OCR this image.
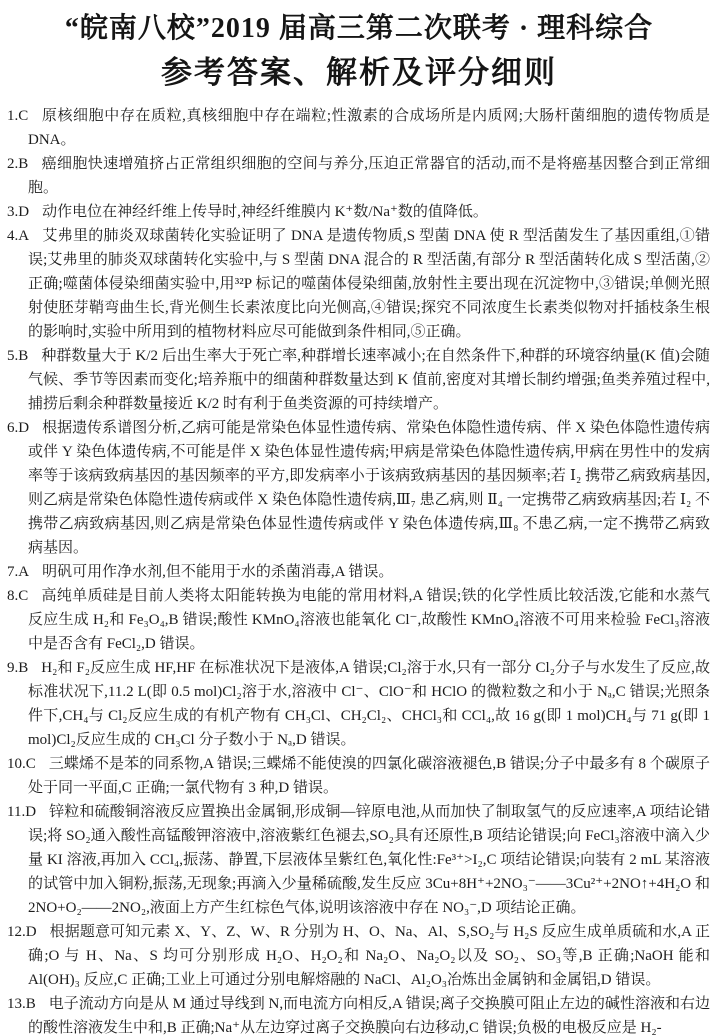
“皖南八校”2019 届高三第二次联考 · 理科综合
参考答案、解析及评分细则
1.C 原核细胞中存在质粒,真核细胞中存在端粒;性激素的合成场所是内质网;大肠杆菌细胞的遗传物质是 DNA。
2.B 癌细胞快速增殖挤占正常组织细胞的空间与养分,压迫正常器官的活动,而不是将癌基因整合到正常细胞。
3.D 动作电位在神经纤维上传导时,神经纤维膜内 K⁺数/Na⁺数的值降低。
4.A 艾弗里的肺炎双球菌转化实验证明了 DNA 是遗传物质,S 型菌 DNA 使 R 型活菌发生了基因重组,①错误;艾弗里的肺炎双球菌转化实验中,与 S 型菌 DNA 混合的 R 型活菌,有部分 R 型活菌转化成 S 型活菌,②正确;噬菌体侵染细菌实验中,用³²P 标记的噬菌体侵染细菌,放射性主要出现在沉淀物中,③错误;单侧光照射使胚芽鞘弯曲生长,背光侧生长素浓度比向光侧高,④错误;探究不同浓度生长素类似物对扦插枝条生根的影响时,实验中所用到的植物材料应尽可能做到条件相同,⑤正确。
5.B 种群数量大于 K/2 后出生率大于死亡率,种群增长速率减小;在自然条件下,种群的环境容纳量(K 值)会随气候、季节等因素而变化;培养瓶中的细菌种群数量达到 K 值前,密度对其增长制约增强;鱼类养殖过程中,捕捞后剩余种群数量接近 K/2 时有利于鱼类资源的可持续增产。
6.D 根据遗传系谱图分析,乙病可能是常染色体显性遗传病、常染色体隐性遗传病、伴 X 染色体隐性遗传病或伴 Y 染色体遗传病,不可能是伴 X 染色体显性遗传病;甲病是常染色体隐性遗传病,甲病在男性中的发病率等于该病致病基因的基因频率的平方,即发病率小于该病致病基因的基因频率;若 Ⅰ₂ 携带乙病致病基因,则乙病是常染色体隐性遗传病或伴 X 染色体隐性遗传病,Ⅲ₇ 患乙病,则 Ⅱ₄ 一定携带乙病致病基因;若 Ⅰ₂ 不携带乙病致病基因,则乙病是常染色体显性遗传病或伴 Y 染色体遗传病,Ⅲ₈ 不患乙病,一定不携带乙病致病基因。
7.A 明矾可用作净水剂,但不能用于水的杀菌消毒,A 错误。
8.C 高纯单质硅是目前人类将太阳能转换为电能的常用材料,A 错误;铁的化学性质比较活泼,它能和水蒸气反应生成 H₂和 Fe₃O₄,B 错误;酸性 KMnO₄溶液也能氧化 Cl⁻,故酸性 KMnO₄溶液不可用来检验 FeCl₃溶液中是否含有 FeCl₂,D 错误。
9.B H₂和 F₂反应生成 HF,HF 在标准状况下是液体,A 错误;Cl₂溶于水,只有一部分 Cl₂分子与水发生了反应,故标准状况下,11.2 L(即 0.5 mol)Cl₂溶于水,溶液中 Cl⁻、ClO⁻和 HClO 的微粒数之和小于 Nₐ,C 错误;光照条件下,CH₄与 Cl₂反应生成的有机产物有 CH₃Cl、CH₂Cl₂、CHCl₃和 CCl₄,故 16 g(即 1 mol)CH₄与 71 g(即 1 mol)Cl₂反应生成的 CH₃Cl 分子数小于 Nₐ,D 错误。
10.C 三蝶烯不是苯的同系物,A 错误;三蝶烯不能使溴的四氯化碳溶液褪色,B 错误;分子中最多有 8 个碳原子处于同一平面,C 正确;一氯代物有 3 种,D 错误。
11.D 锌粒和硫酸铜溶液反应置换出金属铜,形成铜—锌原电池,从而加快了制取氢气的反应速率,A 项结论错误;将 SO₂通入酸性高锰酸钾溶液中,溶液紫红色褪去,SO₂具有还原性,B 项结论错误;向 FeCl₃溶液中滴入少量 KI 溶液,再加入 CCl₄,振荡、静置,下层液体呈紫红色,氧化性:Fe³⁺>I₂,C 项结论错误;向装有 2 mL 某溶液的试管中加入铜粉,振荡,无现象;再滴入少量稀硫酸,发生反应 3Cu+8H⁺+2NO₃⁻——3Cu²⁺+2NO↑+4H₂O 和 2NO+O₂——2NO₂,液面上方产生红棕色气体,说明该溶液中存在 NO₃⁻,D 项结论正确。
12.D 根据题意可知元素 X、Y、Z、W、R 分别为 H、O、Na、Al、S,SO₂与 H₂S 反应生成单质硫和水,A 正确;O 与 H、Na、S 均可分别形成 H₂O、H₂O₂和 Na₂O、Na₂O₂以及 SO₂、SO₃等,B 正确;NaOH 能和 Al(OH)₃ 反应,C 正确;工业上可通过分别电解熔融的 NaCl、Al₂O₃冶炼出金属钠和金属铝,D 错误。
13.B 电子流动方向是从 M 通过导线到 N,而电流方向相反,A 错误;离子交换膜可阻止左边的碱性溶液和右边的酸性溶液发生中和,B 正确;Na⁺从左边穿过离子交换膜向右边移动,C 错误;负极的电极反应是 H₂-
